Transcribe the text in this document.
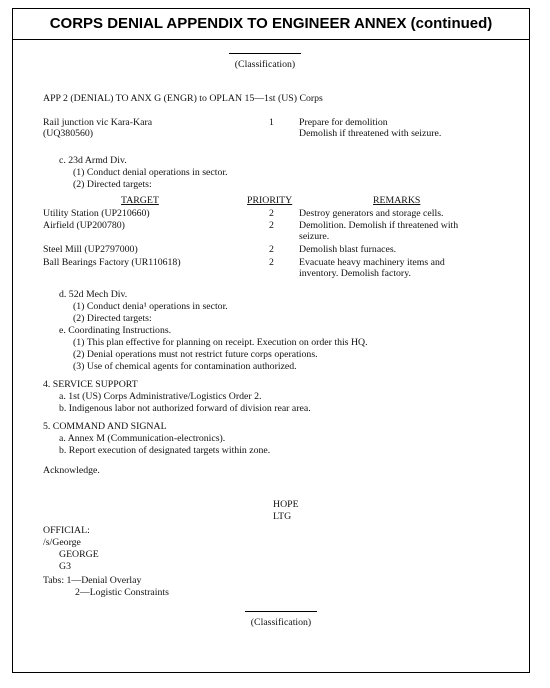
CORPS DENIAL APPENDIX TO ENGINEER ANNEX (continued)
(Classification)
APP 2 (DENIAL) TO ANX G (ENGR) to OPLAN 15—1st (US) Corps
Rail junction vic Kara-Kara
(UQ380560)
1	Prepare for demolition
Demolish if threatened with seizure.
c. 23d Armd Div.
(1) Conduct denial operations in sector.
(2) Directed targets:
TARGET	PRIORITY	REMARKS
Utility Station (UP210660)	2	Destroy generators and storage cells.
Airfield (UP200780)	2	Demolition. Demolish if threatened with
seizure.
Steel Mill (UP2797000)	2	Demolish blast furnaces.
Ball Bearings Factory (UR110618)	2	Evacuate heavy machinery items and
inventory. Demolish factory.
d. 52d Mech Div.
(1) Conduct denia¹ operations in sector.
(2) Directed targets:
e. Coordinating Instructions.
(1) This plan effective for planning on receipt. Execution on order this HQ.
(2) Denial operations must not restrict future corps operations.
(3) Use of chemical agents for contamination authorized.
4. SERVICE SUPPORT
a. 1st (US) Corps Administrative/Logistics Order 2.
b. Indigenous labor not authorized forward of division rear area.
5. COMMAND AND SIGNAL
a. Annex M (Communication-electronics).
b. Report execution of designated targets within zone.
Acknowledge.
HOPE
LTG
OFFICIAL:
/s/George
GEORGE
G3
Tabs: 1—Denial Overlay
2—Logistic Constraints
(Classification)
